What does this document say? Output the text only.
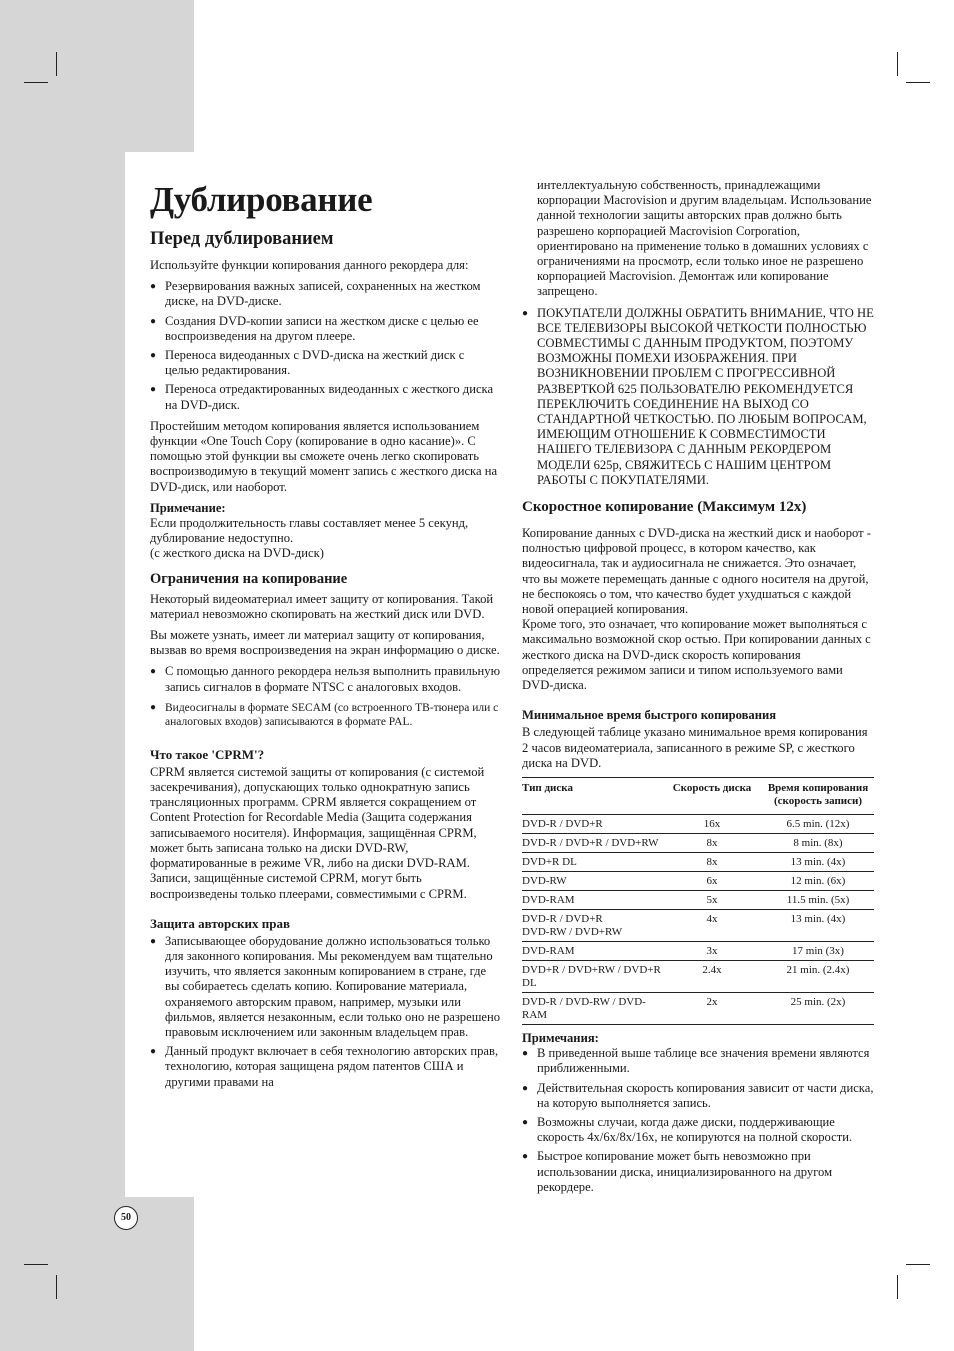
Дублирование
Перед дублированием

Используйте функции копирования данного рекордера для:

● Резервирования важных записей, сохраненных на жестком диске, на DVD-диске.
● Создания DVD-копии записи на жестком диске с целью ее воспроизведения на другом плеере.
● Переноса видеоданных с DVD-диска на жесткий диск с целью редактирования.
● Переноса отредактированных видеоданных с жесткого диска на DVD-диск.

Простейшим методом копирования является использованием функции «One Touch Copy (копирование в одно касание)». С помощью этой функции вы сможете очень легко скопировать воспроизводимую в текущий момент запись с жесткого диска на DVD-диск, или наоборот.

Примечание:

Если продолжительность главы составляет менее 5 секунд, дублирование недоступно.
(с жесткого диска на DVD-диск)

Ограничения на копирование

Некоторый видеоматериал имеет защиту от копирования. Такой материал невозможно скопировать на жесткий диск или DVD.

Вы можете узнать, имеет ли материал защиту от копирования, вызвав во время воспроизведения на экран информацию о диске.

● С помощью данного рекордера нельзя выполнить правильную запись сигналов в формате NTSC с аналоговых входов.
● Видеосигналы в формате SECAM (со встроенного ТВ-тюнера или с аналоговых входов) записываются в формате PAL.
Что такое 'CPRM'?

CPRM является системой защиты от копирования (с системой засекречивания), допускающих только однократную запись трансляционных программ. CPRM является сокращением от Content Protection for Recordable Media (Защита содержания записываемого носителя). Информация, защищённая CPRM, может быть записана только на диски DVD-RW, форматированные в режиме VR, либо на диски DVD-RAM. Записи, защищённые системой CPRM, могут быть воспроизведены только плеерами, совместимыми с CPRM.

Защита авторских прав
● Записывающее оборудование должно использоваться только для законного копирования. Мы рекомендуем вам тщательно изучить, что является законным копированием в стране, где вы собираетесь сделать копию. Копирование материала, охраняемого авторским правом, например, музыки или фильмов, является незаконным, если только оно не разрешено правовым исключением или законным владельцем прав.
● Данный продукт включает в себя технологию авторских прав, технологию, которая защищена рядом патентов США и другими правами на

интеллектуальную собственность, принадлежащими корпорации Macrovision и другим владельцам. Использование данной технологии защиты авторских прав должно быть разрешено корпорацией Macrovision Corporation, ориентировано на применение только в домашних условиях с ограничениями на просмотр, если только иное не разрешено корпорацией Macrovision. Демонтаж или копирование запрещено.

● ПОКУПАТЕЛИ ДОЛЖНЫ ОБРАТИТЬ ВНИМАНИЕ, ЧТО НЕ ВСЕ ТЕЛЕВИЗОРЫ ВЫСОКОЙ ЧЕТКОСТИ ПОЛНОСТЬЮ СОВМЕСТИМЫ С ДАННЫМ ПРОДУКТОМ, ПОЭТОМУ ВОЗМОЖНЫ ПОМЕХИ ИЗОБРАЖЕНИЯ. ПРИ ВОЗНИКНОВЕНИИ ПРОБЛЕМ С ПРОГРЕССИВНОЙ РАЗВЕРТКОЙ 625 ПОЛЬЗОВАТЕЛЮ РЕКОМЕНДУЕТСЯ ПЕРЕКЛЮЧИТЬ СОЕДИНЕНИЕ НА ВЫХОД СО СТАНДАРТНОЙ ЧЕТКОСТЬЮ. ПО ЛЮБЫМ ВОПРОСАМ, ИМЕЮЩИМ ОТНОШЕНИЕ К СОВМЕСТИМОСТИ НАШЕГО ТЕЛЕВИЗОРА С ДАННЫМ РЕКОРДЕРОМ МОДЕЛИ 625p, СВЯЖИТЕСЬ С НАШИМ ЦЕНТРОМ РАБОТЫ С ПОКУПАТЕЛЯМИ.
Скоростное копирование (Максимум 12x)

Копирование данных с DVD-диска на жесткий диск и наоборот - полностью цифровой процесс, в котором качество, как видеосигнала, так и аудиосигнала не снижается. Это означает, что вы можете перемещать данные с одного носителя на другой, не беспокоясь о том, что качество будет ухудшаться с каждой новой операцией копирования.

Кроме того, это означает, что копирование может выполняться с максимально возможной скор остью. При копировании данных с жесткого диска на DVD-диск скорость копирования определяется режимом записи и типом используемого вами DVD-диска.

Минимальное время быстрого копирования

В следующей таблице указано минимальное время копирования 2 часов видеоматериала, записанного в режиме SP, с жесткого диска на DVD.

Тип диска	Скорость диска	Время копирования (скорость записи)
DVD-R / DVD+R	16x	6.5 min. (12x)
DVD-R / DVD+R / DVD+RW	8x	8 min. (8x)
DVD+R DL	8x	13 min. (4x)
DVD-RW	6x	12 min. (6x)
DVD-RAM	5x	11.5 min. (5x)
DVD-R / DVD+R
DVD-RW / DVD+RW	4x	13 min. (4x)
DVD-RAM	3x	17 min (3x)
DVD+R / DVD+RW / DVD+R DL	2.4x	21 min. (2.4x)
DVD-R / DVD-RW / DVD-RAM	2x	25 min. (2x)

Примечания:

● В приведенной выше таблице все значения времени являются приближенными.
● Действительная скорость копирования зависит от части диска, на которую выполняется запись.
● Возможны случаи, когда даже диски, поддерживающие скорость 4x/6x/8x/16x, не копируются на полной скорости.
● Быстрое копирование может быть невозможно при использовании диска, инициализированного на другом рекордере.
50
